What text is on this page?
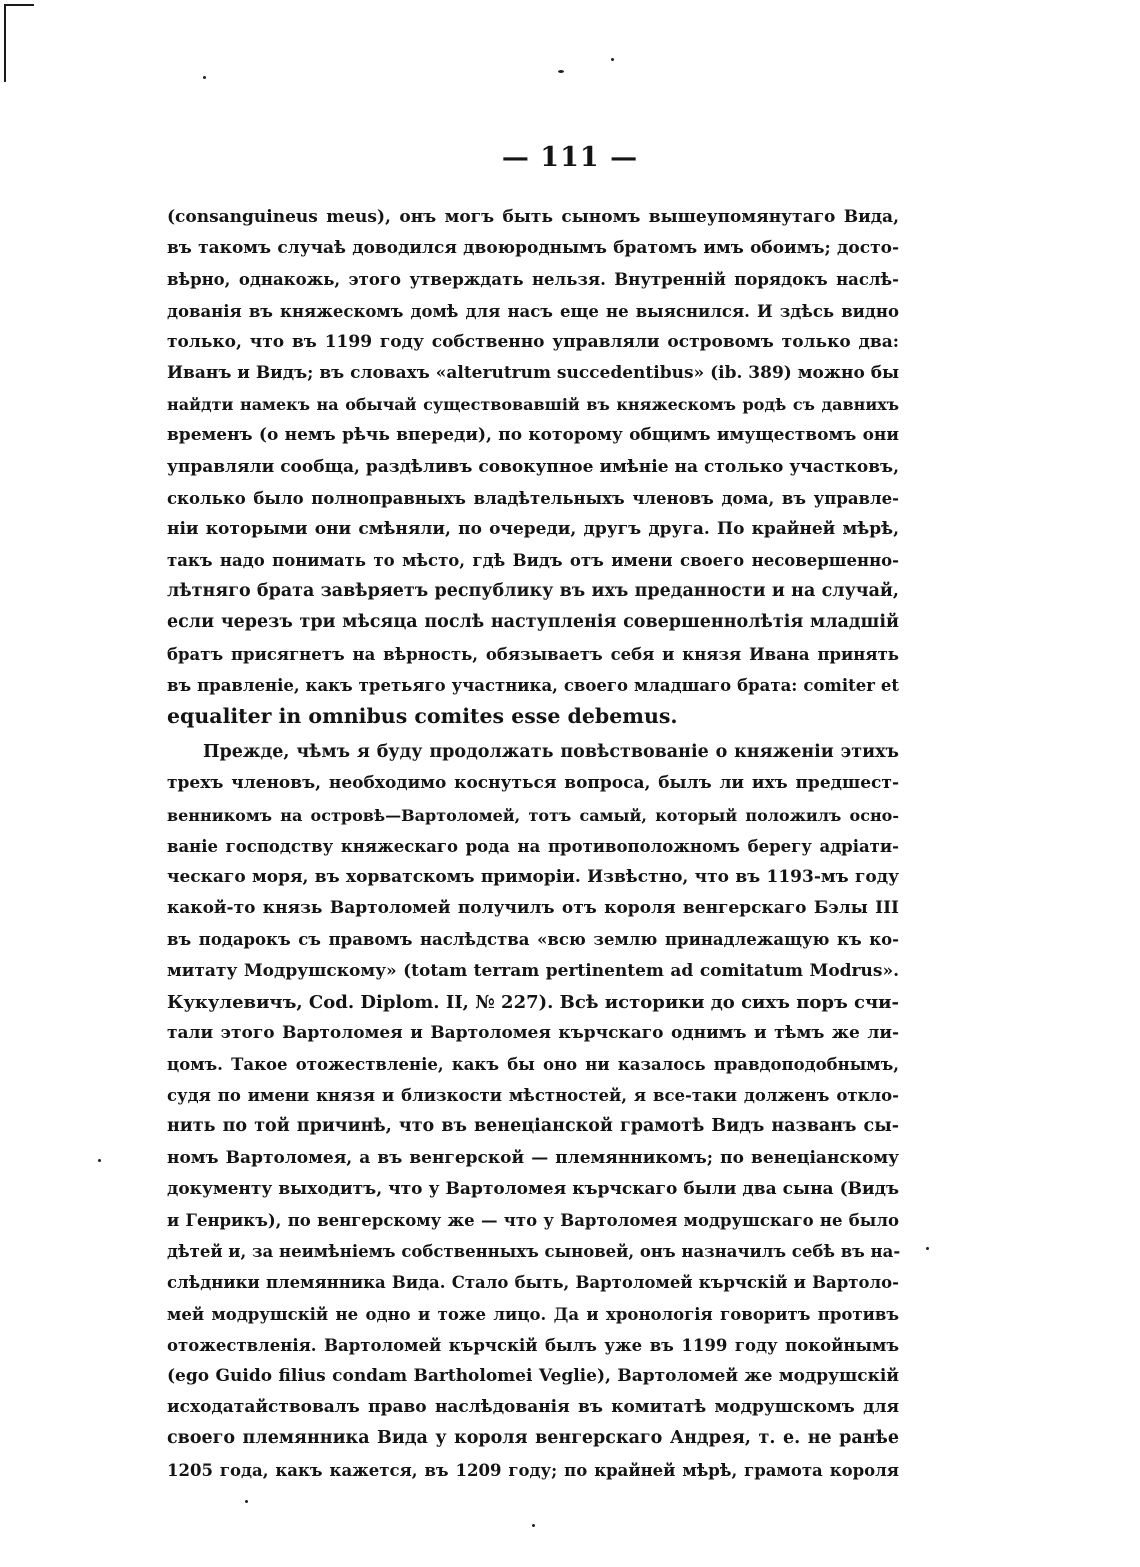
— 111 —
(consanguineus meus), онъ могъ быть сыномъ вышеупомянутаго Вида,
въ такомъ случаѣ доводился двоюроднымъ братомъ имъ обоимъ; досто-
вѣрно, однакожь, этого утверждать нельзя. Внутренній порядокъ наслѣ-
дованія въ княжескомъ домѣ для насъ еще не выяснился. И здѣсь видно
только, что въ 1199 году собственно управляли островомъ только два:
Иванъ и Видъ; въ словахъ «alterutrum succedentibus» (ib. 389) можно бы
найдти намекъ на обычай существовавшій въ княжескомъ родѣ съ давнихъ
временъ (о немъ рѣчь впереди), по которому общимъ имуществомъ они
управляли сообща, раздѣливъ совокупное имѣніе на столько участковъ,
сколько было полноправныхъ владѣтельныхъ членовъ дома, въ управле-
ніи которыми они смѣняли, по очереди, другъ друга. По крайней мѣрѣ,
такъ надо понимать то мѣсто, гдѣ Видъ отъ имени своего несовершенно-
лѣтняго брата завѣряетъ республику въ ихъ преданности и на случай,
если черезъ три мѣсяца послѣ наступленія совершеннолѣтія младшій
братъ присягнетъ на вѣрность, обязываетъ себя и князя Ивана принять
въ правленіе, какъ третьяго участника, своего младшаго брата: comiter et
equaliter in omnibus comites esse debemus.
Прежде, чѣмъ я буду продолжать повѣствованіе о княженіи этихъ
трехъ членовъ, необходимо коснуться вопроса, былъ ли ихъ предшест-
венникомъ на островѣ—Вартоломей, тотъ самый, который положилъ осно-
ваніе господству княжескаго рода на противоположномъ берегу адріати-
ческаго моря, въ хорватскомъ приморіи. Извѣстно, что въ 1193-мъ году
какой-то князь Вартоломей получилъ отъ короля венгерскаго Бэлы III
въ подарокъ съ правомъ наслѣдства «всю землю принадлежащую къ ко-
митату Модрушскому» (totam terram pertinentem ad comitatum Modrus».
Кукулевичъ, Cod. Diplom. II, № 227). Всѣ историки до сихъ поръ счи-
тали этого Вартоломея и Вартоломея кърчскаго однимъ и тѣмъ же ли-
цомъ. Такое отожествленіе, какъ бы оно ни казалось правдоподобнымъ,
судя по имени князя и близкости мѣстностей, я все-таки долженъ откло-
нить по той причинѣ, что въ венеціанской грамотѣ Видъ названъ сы-
номъ Вартоломея, а въ венгерской — племянникомъ; по венеціанскому
документу выходитъ, что у Вартоломея кърчскаго были два сына (Видъ
и Генрикъ), по венгерскому же — что у Вартоломея модрушскаго не было
дѣтей и, за неимѣніемъ собственныхъ сыновей, онъ назначилъ себѣ въ на-
слѣдники племянника Вида. Стало быть, Вартоломей кърчскій и Вартоло-
мей модрушскій не одно и тоже лицо. Да и хронологія говоритъ противъ
отожествленія. Вартоломей кърчскій былъ уже въ 1199 году покойнымъ
(ego Guido filius condam Bartholomei Veglie), Вартоломей же модрушскій
исходатайствовалъ право наслѣдованія въ комитатѣ модрушскомъ для
своего племянника Вида у короля венгерскаго Андрея, т. е. не ранѣе
1205 года, какъ кажется, въ 1209 году; по крайней мѣрѣ, грамота короля
